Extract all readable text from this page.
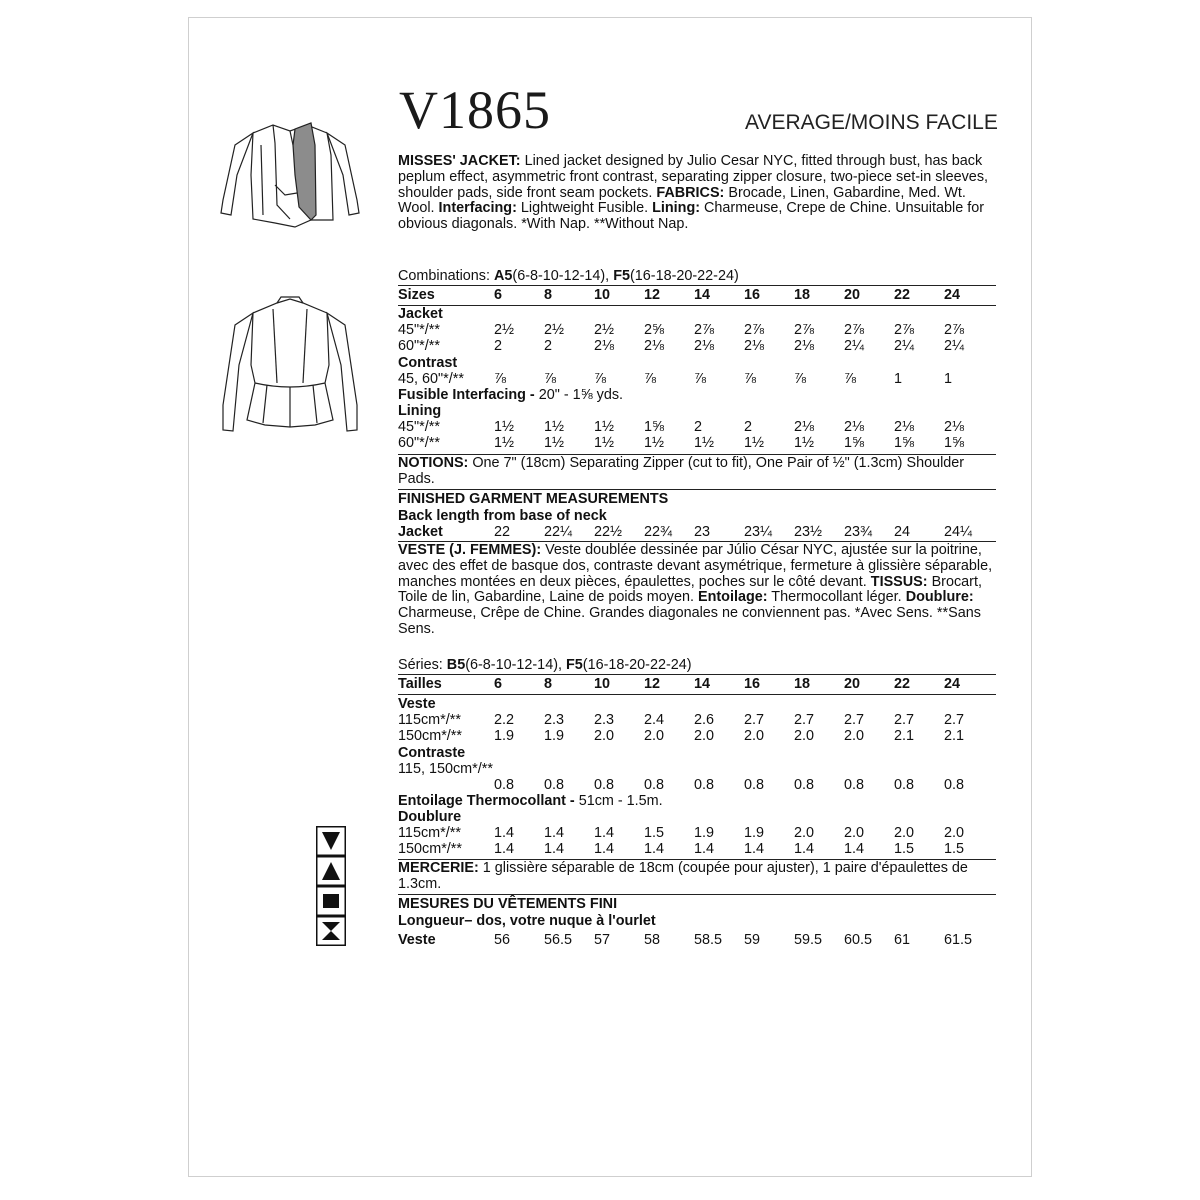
V1865	AVERAGE/MOINS FACILE
MISSES' JACKET: Lined jacket designed by Julio Cesar NYC, fitted through bust, has back peplum effect, asymmetric front contrast, separating zipper closure, two-piece set-in sleeves, shoulder pads, side front seam pockets. FABRICS: Brocade, Linen, Gabardine, Med. Wt. Wool. Interfacing: Lightweight Fusible. Lining: Charmeuse, Crepe de Chine. Unsuitable for obvious diagonals. *With Nap. **Without Nap.
Combinations: A5(6-8-10-12-14), F5(16-18-20-22-24)
Sizes	6	8	10 12 14 16 18 20 22 24
Jacket
45"*/**	2½ 2½ 2½ 2⅝ 2⅞ 2⅞ 2⅞ 2⅞ 2⅞ 2⅞
60"*/**	2	2	2⅛ 2⅛ 2⅛ 2⅛ 2⅛ 2¼ 2¼ 2¼
Contrast
45, 60"*/** ⅞	⅞	⅞	⅞	⅞	⅞	⅞	⅞	1	1
Fusible Interfacing - 20" - 1⅝ yds.
Lining
45"*/**	1½ 1½ 1½ 1⅝ 2	2	2⅛ 2⅛ 2⅛ 2⅛
60"*/**	1½ 1½ 1½ 1½ 1½ 1½ 1½ 1⅝ 1⅝ 1⅝
NOTIONS: One 7" (18cm) Separating Zipper (cut to fit), One Pair of ½" (1.3cm) Shoulder Pads.
FINISHED GARMENT MEASUREMENTS
Back length from base of neck
Jacket	22 22¼ 22½ 22¾ 23 23¼ 23½ 23¾ 24 24¼
VESTE (J. FEMMES): Veste doublée dessinée par Júlio César NYC, ajustée sur la poitrine, avec des effet de basque dos, contraste devant asymétrique, fermeture à glissière séparable, manches montées en deux pièces, épaulettes, poches sur le côté devant. TISSUS: Brocart, Toile de lin, Gabardine, Laine de poids moyen. Entoilage: Thermocollant léger. Doublure: Charmeuse, Crêpe de Chine. Grandes diagonales ne conviennent pas. *Avec Sens. **Sans Sens.
Séries: B5(6-8-10-12-14), F5(16-18-20-22-24)
Tailles	6	8	10 12 14 16 18 20 22 24
Veste
115cm*/** 2.2 2.3 2.3 2.4 2.6 2.7 2.7 2.7 2.7 2.7
150cm*/** 1.9 1.9 2.0 2.0 2.0 2.0 2.0 2.0 2.1 2.1
Contraste
115, 150cm*/**
0.8 0.8 0.8 0.8 0.8 0.8 0.8 0.8 0.8 0.8
Entoilage Thermocollant - 51cm - 1.5m.
Doublure
115cm*/** 1.4 1.4 1.4 1.5 1.9 1.9 2.0 2.0 2.0 2.0
150cm*/** 1.4 1.4 1.4 1.4 1.4 1.4 1.4 1.4 1.5 1.5
MERCERIE: 1 glissière séparable de 18cm (coupée pour ajuster), 1 paire d'épaulettes de 1.3cm.
MESURES DU VÊTEMENTS FINI
Longueur– dos, votre nuque à l'ourlet
Veste	56 56.5 57 58 58.5 59 59.5 60.5 61 61.5
